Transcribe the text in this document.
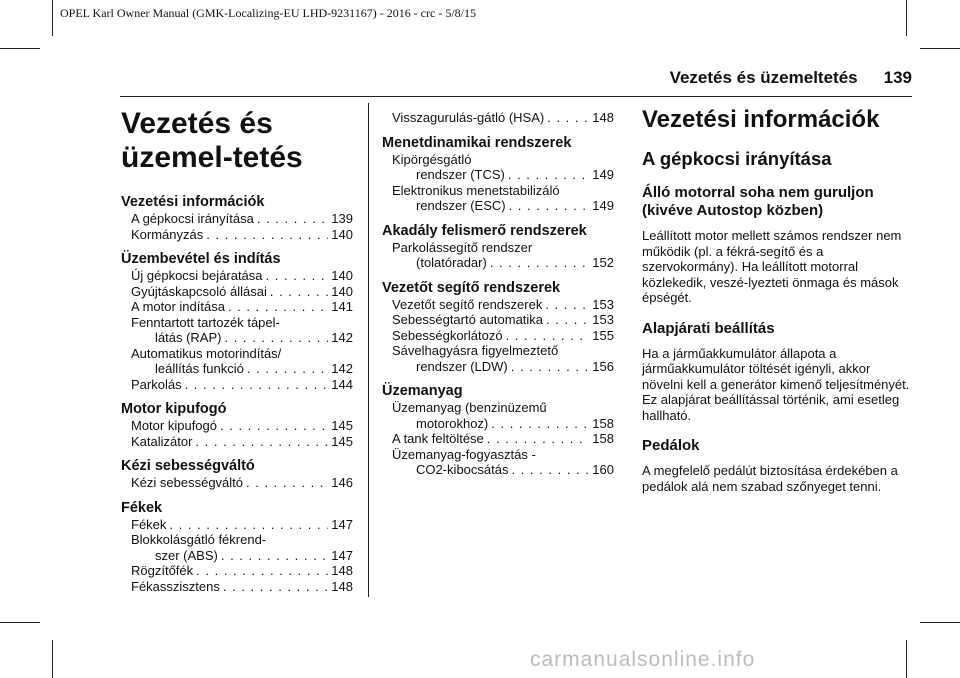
OPEL Karl Owner Manual (GMK-Localizing-EU LHD-9231167) - 2016 - crc - 5/8/15
Vezetés és üzemeltetés 139
Vezetés és üzemel-tetés
Vezetési információk
A gépkocsi irányítása . . .	139
Kormányzás . . .	140
Üzembevétel és indítás
Új gépkocsi bejáratása . . .	140
Gyújtáskapcsoló állásai . . .	140
A motor indítása . . .	141
Fenntartott tartozék tápel-
látás (RAP) . . .	142
Automatikus motorindítás/
leállítás funkció . . .	142
Parkolás . . .	144
Motor kipufogó
Motor kipufogó . . .	145
Katalizátor . . .	145
Kézi sebességváltó
Kézi sebességváltó . . .	146
Fékek
Fékek . . .	147
Blokkolásgátló fékrend-
szer (ABS) . . .	147
Rögzítőfék . . .	148
Fékasszisztens . . .	148
Visszagurulás-gátló (HSA) . . .	148
Menetdinamikai rendszerek
Kipörgésgátló
rendszer (TCS) . . .	149
Elektronikus menetstabilizáló
rendszer (ESC) . . .	149
Akadály felismerő rendszerek
Parkolássegítő rendszer
(tolatóradar) . . .	152
Vezetőt segítő rendszerek
Vezetőt segítő rendszerek . . .	153
Sebességtartó automatika . . .	153
Sebességkorlátozó . . .	155
Sávelhagyásra figyelmeztető
rendszer (LDW) . . .	156
Üzemanyag
Üzemanyag (benzinüzemű
motorokhoz) . . .	158
A tank feltöltése . . .	158
Üzemanyag-fogyasztás -
CO2-kibocsátás . . .	160
Vezetési információk
A gépkocsi irányítása
Álló motorral soha nem guruljon (kivéve Autostop közben)
Leállított motor mellett számos rendszer nem működik (pl. a fékrá-segítő és a szervokormány). Ha leállított motorral közlekedik, veszé-lyezteti önmaga és mások épségét.
Alapjárati beállítás
Ha a járműakkumulátor állapota a járműakkumulátor töltését igényli, akkor növelni kell a generátor kimenő teljesítményét. Ez alapjárat beállítással történik, ami esetleg hallható.
Pedálok
A megfelelő pedálút biztosítása érdekében a pedálok alá nem szabad szőnyeget tenni.
carmanualsonline.info
